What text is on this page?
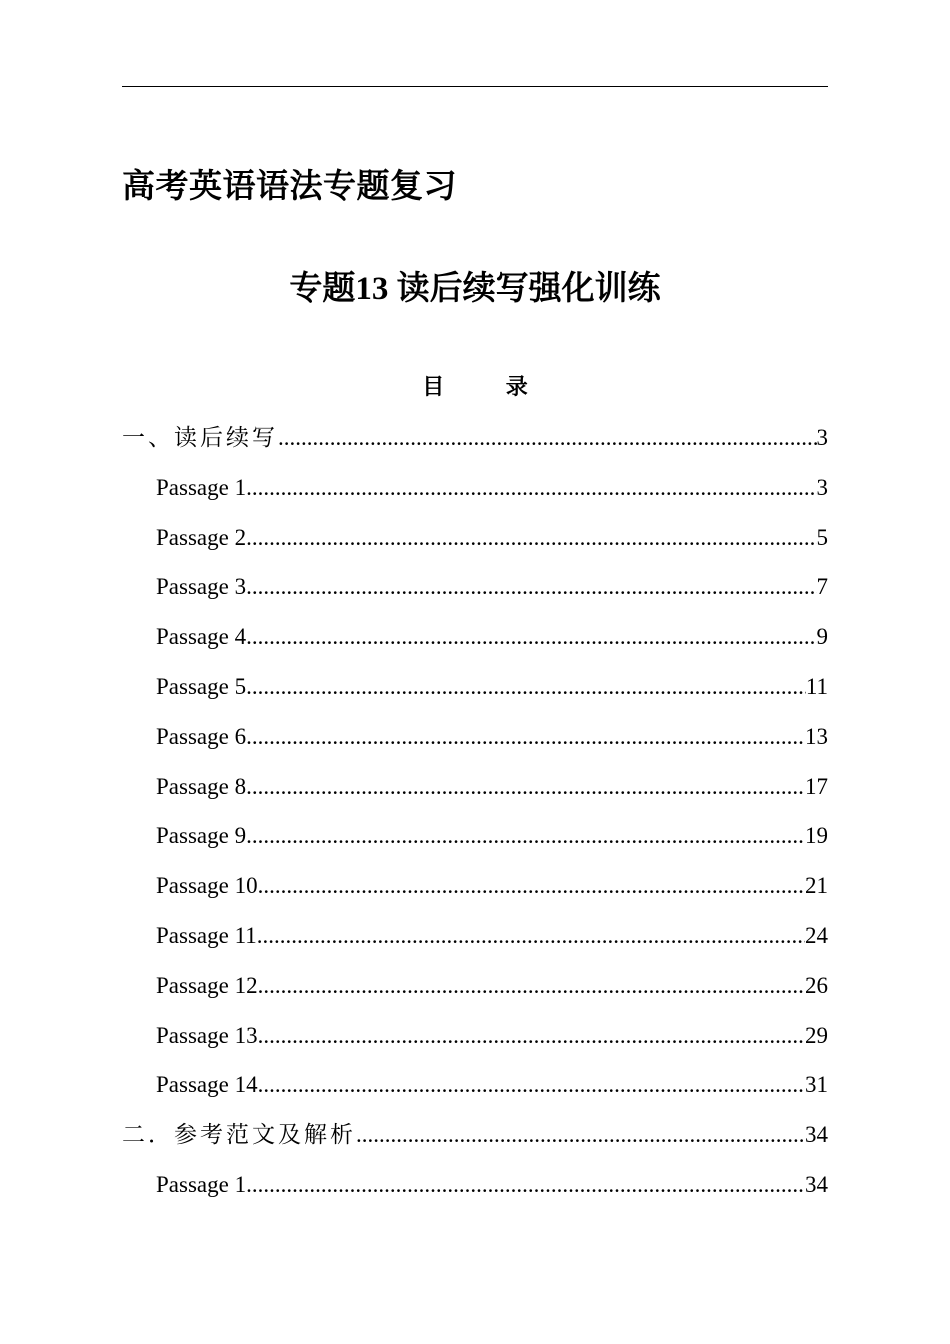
高考英语语法专题复习
专题13 读后续写强化训练
目 录
一、读后续写 .....	3
Passage 1 .....	3
Passage 2 .....	5
Passage 3 .....	7
Passage 4 .....	9
Passage 5 .....	11
Passage 6 .....	13
Passage 8 .....	17
Passage 9 .....	19
Passage 10 .....	21
Passage 11 .....	24
Passage 12 .....	26
Passage 13 .....	29
Passage 14 .....	31
二．参考范文及解析 .....	34
Passage 1 .....	34
